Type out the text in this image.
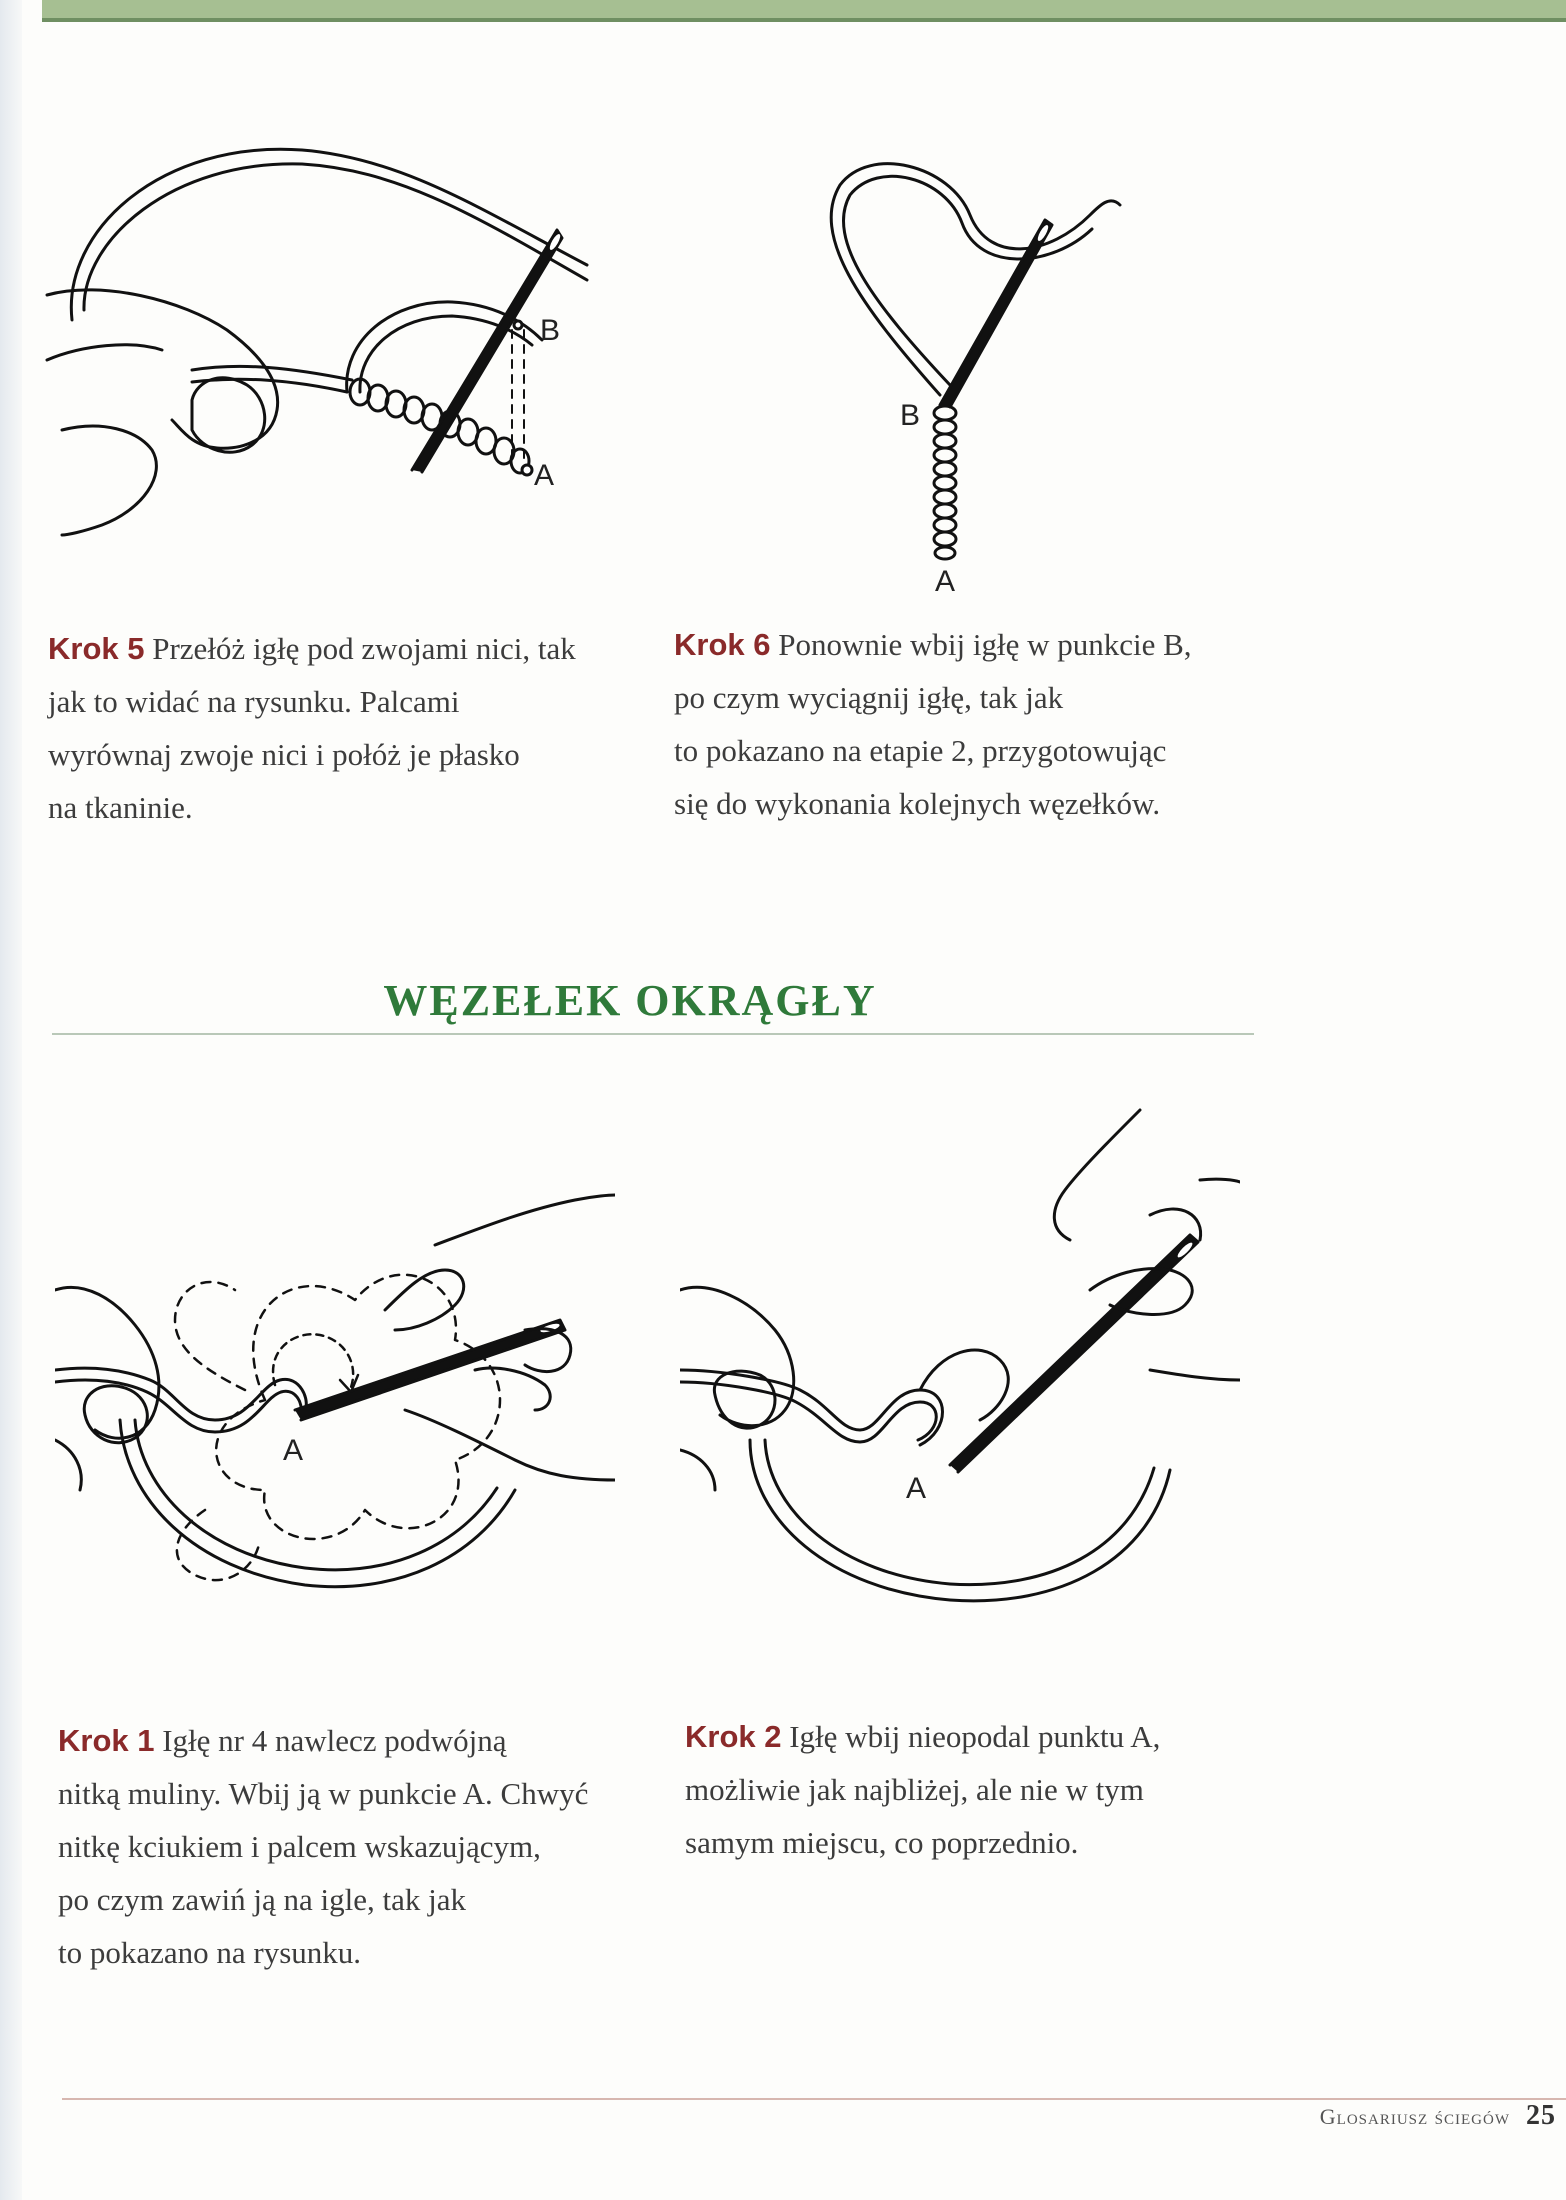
B
A
B
A

Krok 5 Przełóż igłę pod zwojami nici, tak

jak to widać na rysunku. Palcami

wyrównaj zwoje nici i połóż je płasko

na tkaninie.

Krok 6 Ponownie wbij igłę w punkcie B,

po czym wyciągnij igłę, tak jak

to pokazano na etapie 2, przygotowując

się do wykonania kolejnych węzełków.

WĘZEŁEK OKRĄGŁY
A
A

Krok 1 Igłę nr 4 nawlecz podwójną

nitką muliny. Wbij ją w punkcie A. Chwyć

nitkę kciukiem i palcem wskazującym,

po czym zawiń ją na igle, tak jak

to pokazano na rysunku.

Krok 2 Igłę wbij nieopodal punktu A,

możliwie jak najbliżej, ale nie w tym

samym miejscu, co poprzednio.

Glosariusz ściegów 25
